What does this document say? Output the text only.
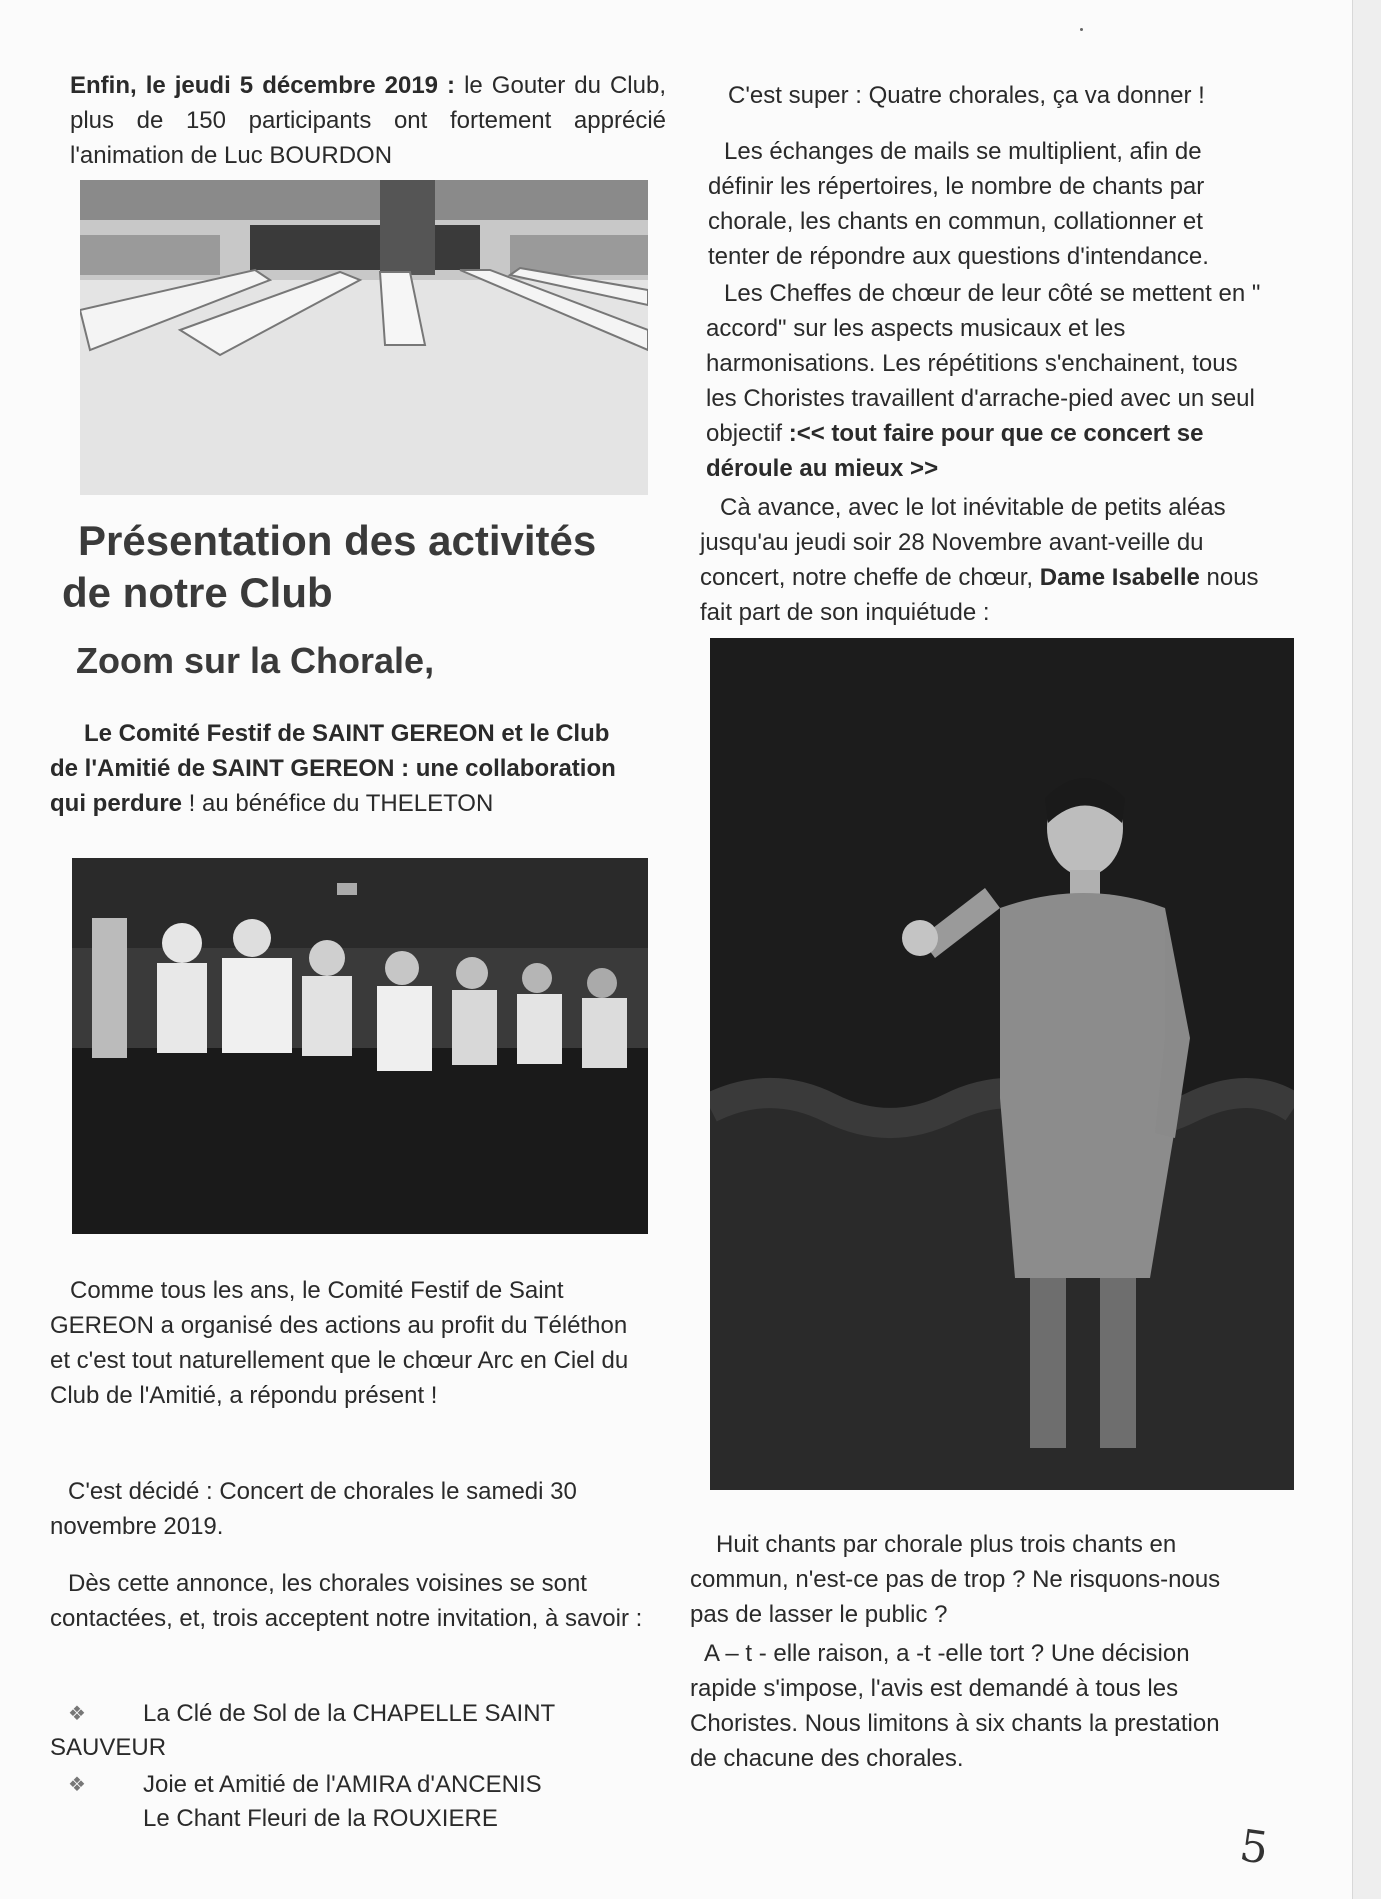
Enfin, le jeudi 5 décembre 2019 : le Gouter du Club, plus de 150 participants ont fortement apprécié l'animation de Luc BOURDON
Présentation des activités
de notre Club
Zoom sur la Chorale,
Le Comité Festif de SAINT GEREON et le Club de l'Amitié de SAINT GEREON : une collaboration qui perdure ! au bénéfice du THELETON
Comme tous les ans, le Comité Festif de Saint GEREON a organisé des actions au profit du Téléthon et c'est tout naturellement que le chœur Arc en Ciel du Club de l'Amitié, a répondu présent !
C'est décidé : Concert de chorales le samedi 30 novembre 2019.
Dès cette annonce, les chorales voisines se sont contactées, et, trois acceptent notre invitation, à savoir :
❖	La Clé de Sol de la CHAPELLE SAINT SAUVEUR
❖	Joie et Amitié de l'AMIRA d'ANCENIS
Le Chant Fleuri de la ROUXIERE
C'est super : Quatre chorales, ça va donner !
Les échanges de mails se multiplient, afin de définir les répertoires, le nombre de chants par chorale, les chants en commun, collationner et tenter de répondre aux questions d'intendance.
Les Cheffes de chœur de leur côté se mettent en " accord" sur les aspects musicaux et les harmonisations. Les répétitions s'enchainent, tous les Choristes travaillent d'arrache-pied avec un seul objectif :<< tout faire pour que ce concert se déroule au mieux >>
Cà avance, avec le lot inévitable de petits aléas jusqu'au jeudi soir 28 Novembre avant-veille du concert, notre cheffe de chœur, Dame Isabelle nous fait part de son inquiétude :
Huit chants par chorale plus trois chants en commun, n'est-ce pas de trop ? Ne risquons-nous pas de lasser le public ?
A – t - elle raison, a -t -elle tort ? Une décision rapide s'impose, l'avis est demandé à tous les Choristes. Nous limitons à six chants la prestation de chacune des chorales.
5
